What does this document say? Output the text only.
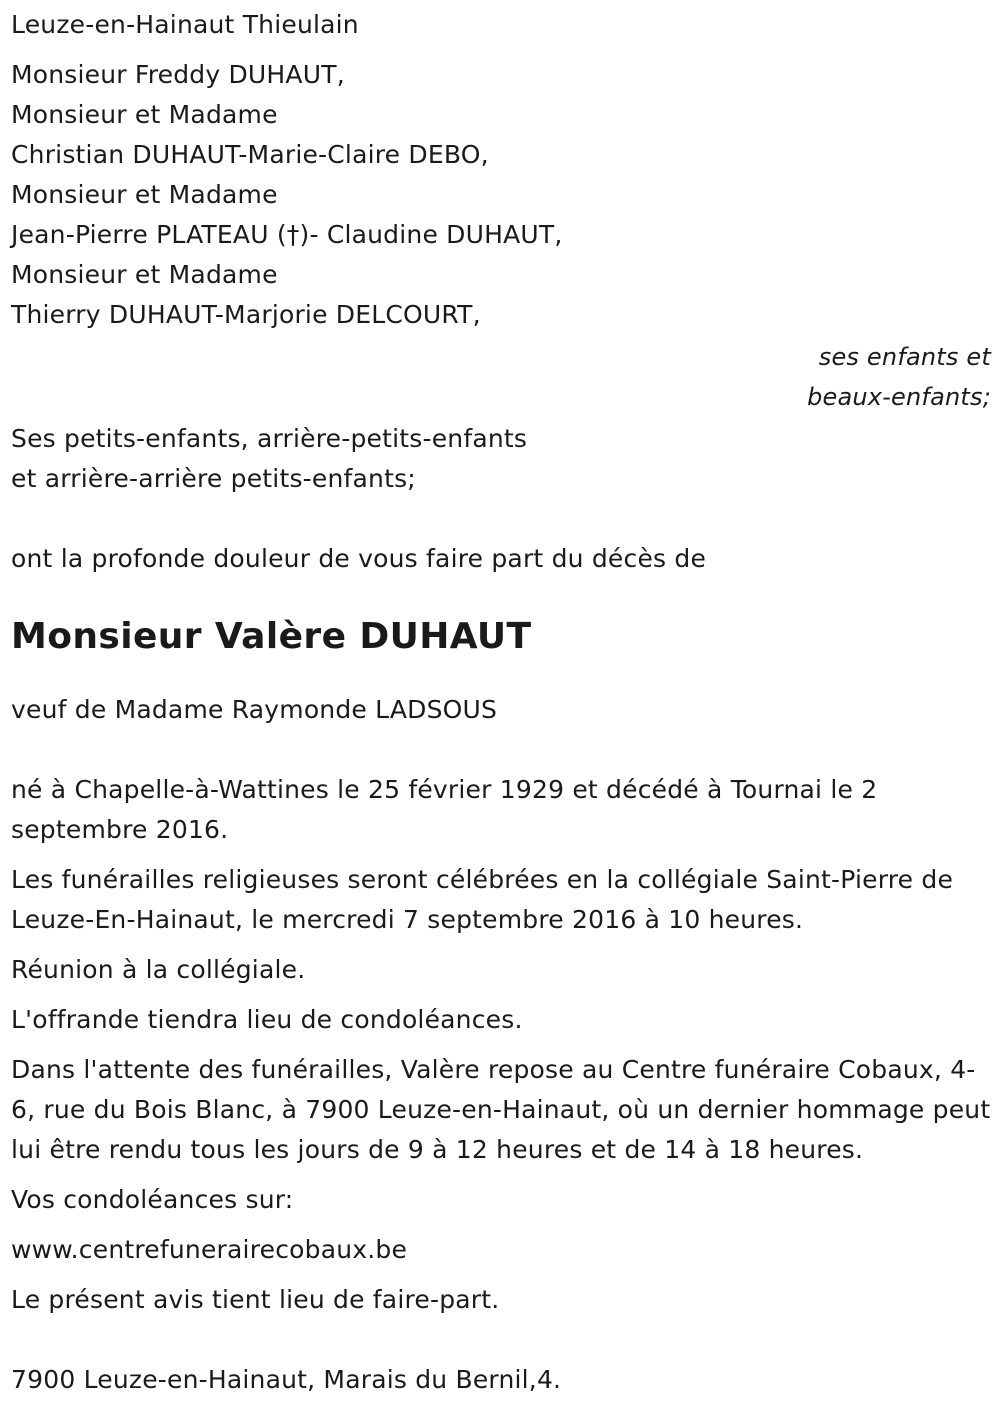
Leuze-en-Hainaut Thieulain
Monsieur Freddy DUHAUT,
Monsieur et Madame
Christian DUHAUT-Marie-Claire DEBO,
Monsieur et Madame
Jean-Pierre PLATEAU (†)- Claudine DUHAUT,
Monsieur et Madame
Thierry DUHAUT-Marjorie DELCOURT,
ses enfants et
beaux-enfants;
Ses petits-enfants, arrière-petits-enfants
et arrière-arrière petits-enfants;
ont la profonde douleur de vous faire part du décès de
Monsieur Valère DUHAUT
veuf de Madame Raymonde LADSOUS
né à Chapelle-à-Wattines le 25 février 1929 et décédé à Tournai le 2 septembre 2016.
Les funérailles religieuses seront célébrées en la collégiale Saint-Pierre de Leuze-En-Hainaut, le mercredi 7 septembre 2016 à 10 heures.
Réunion à la collégiale.
L'offrande tiendra lieu de condoléances.
Dans l'attente des funérailles, Valère repose au Centre funéraire Cobaux, 4-6, rue du Bois Blanc, à 7900 Leuze-en-Hainaut, où un dernier hommage peut lui être rendu tous les jours de 9 à 12 heures et de 14 à 18 heures.
Vos condoléances sur:
www.centrefunerairecobaux.be
Le présent avis tient lieu de faire-part.
7900 Leuze-en-Hainaut, Marais du Bernil,4.
